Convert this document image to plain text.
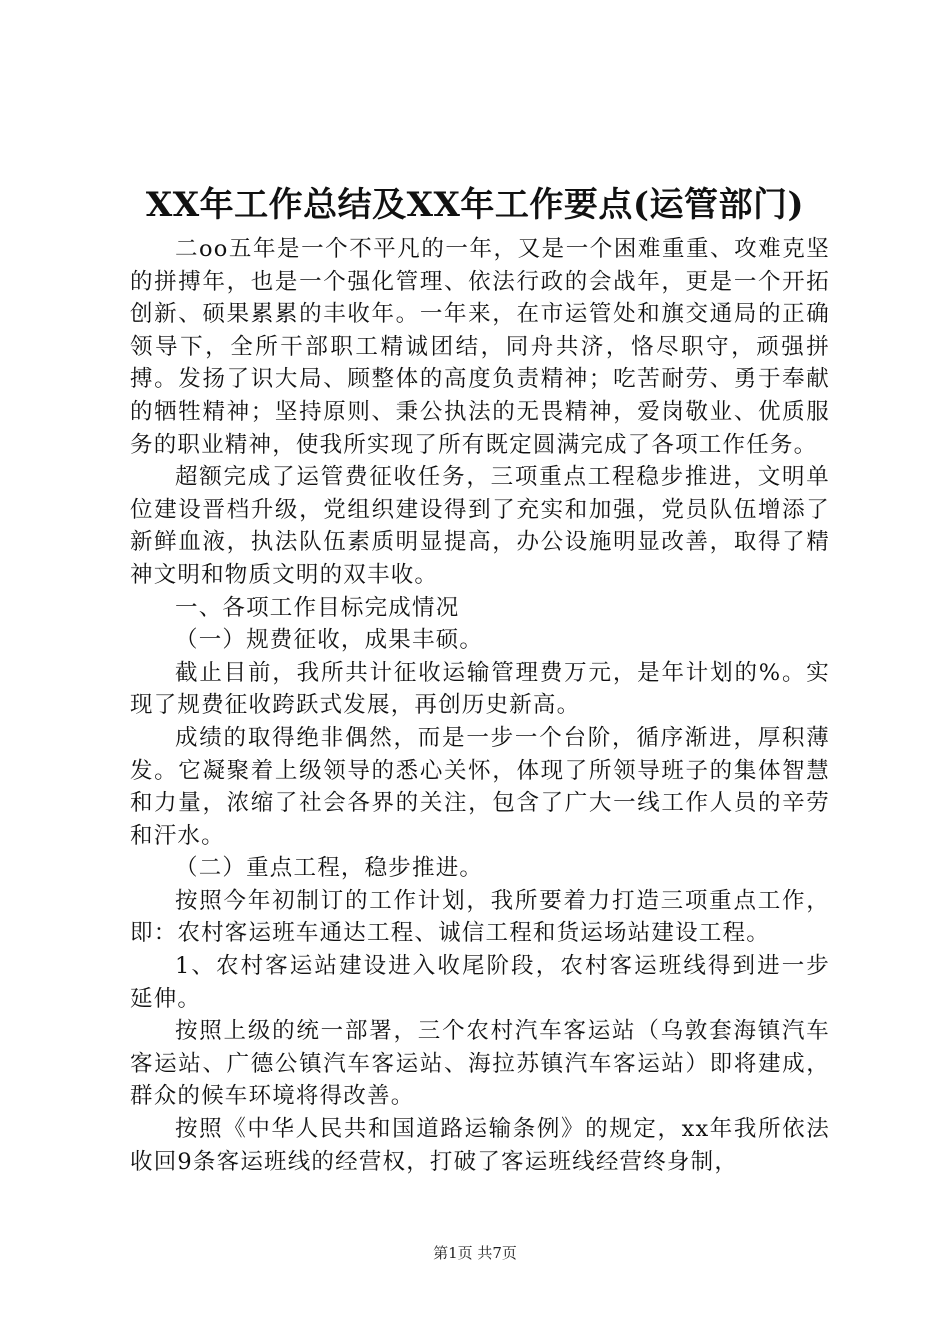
XX年工作总结及XX年工作要点(运管部门)

二oo五年是一个不平凡的一年，又是一个困难重重、攻难克坚的拼搏年，也是一个强化管理、依法行政的会战年，更是一个开拓创新、硕果累累的丰收年。一年来，在市运管处和旗交通局的正确领导下，全所干部职工精诚团结，同舟共济，恪尽职守，顽强拼搏。发扬了识大局、顾整体的高度负责精神；吃苦耐劳、勇于奉献的牺牲精神；坚持原则、秉公执法的无畏精神，爱岗敬业、优质服务的职业精神，使我所实现了所有既定圆满完成了各项工作任务。

超额完成了运管费征收任务，三项重点工程稳步推进，文明单位建设晋档升级，党组织建设得到了充实和加强，党员队伍增添了新鲜血液，执法队伍素质明显提高，办公设施明显改善，取得了精神文明和物质文明的双丰收。

一、各项工作目标完成情况

（一）规费征收，成果丰硕。

截止目前，我所共计征收运输管理费万元，是年计划的%。实现了规费征收跨跃式发展，再创历史新高。

成绩的取得绝非偶然，而是一步一个台阶，循序渐进，厚积薄发。它凝聚着上级领导的悉心关怀，体现了所领导班子的集体智慧和力量，浓缩了社会各界的关注，包含了广大一线工作人员的辛劳和汗水。

（二）重点工程，稳步推进。

按照今年初制订的工作计划，我所要着力打造三项重点工作，即：农村客运班车通达工程、诚信工程和货运场站建设工程。

1、农村客运站建设进入收尾阶段，农村客运班线得到进一步延伸。

按照上级的统一部署，三个农村汽车客运站（乌敦套海镇汽车客运站、广德公镇汽车客运站、海拉苏镇汽车客运站）即将建成，群众的候车环境将得改善。

按照《中华人民共和国道路运输条例》的规定，xx年我所依法收回9条客运班线的经营权，打破了客运班线经营终身制，

第1页 共7页
